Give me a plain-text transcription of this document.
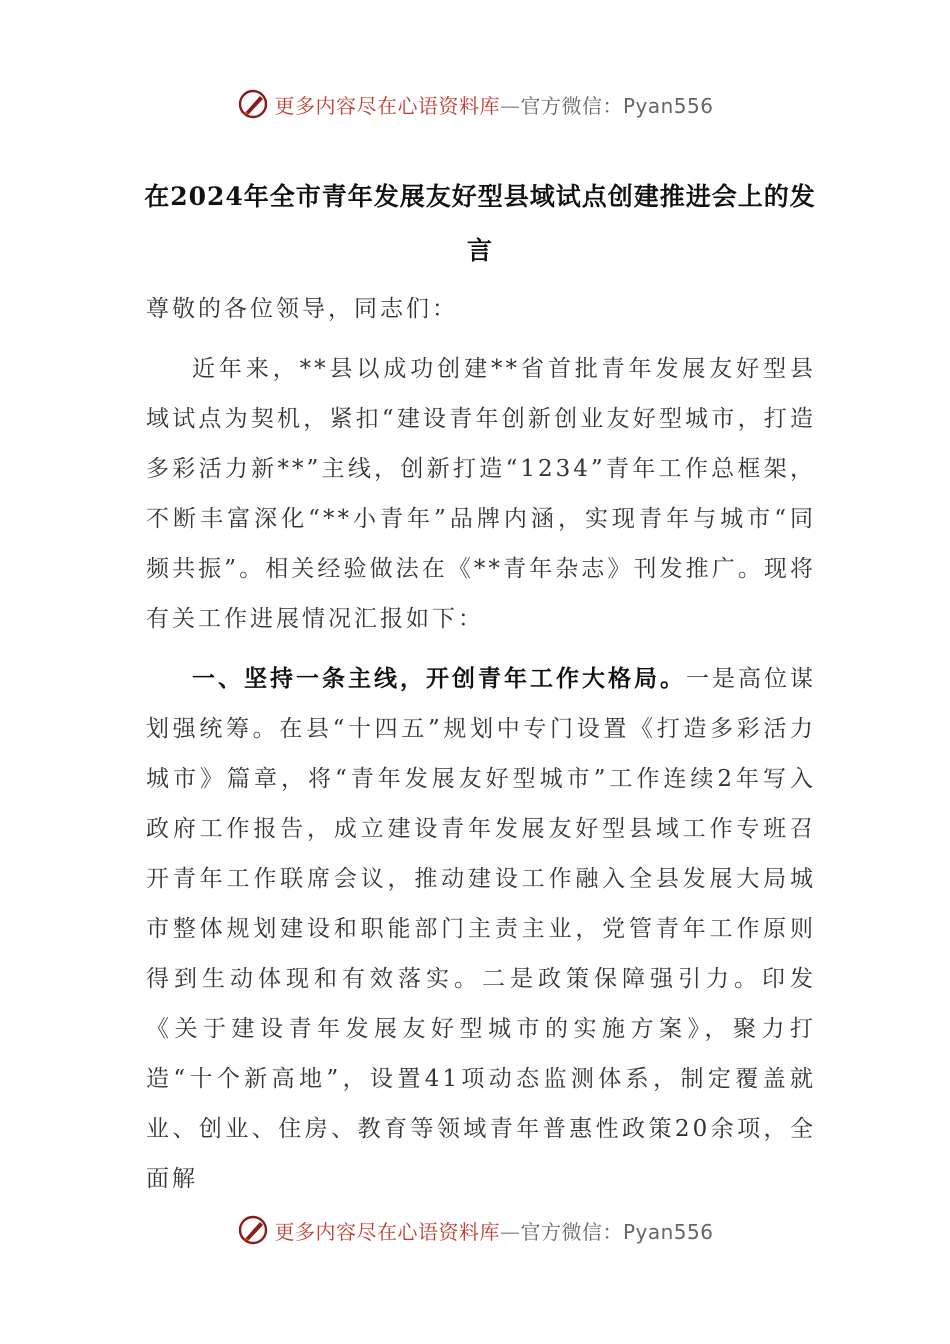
更多内容尽在心语资料库—官方微信：Pyan556
在2024年全市青年发展友好型县域试点创建推进会上的发言

尊敬的各位领导，同志们：

近年来，**县以成功创建**省首批青年发展友好型县域试点为契机，紧扣“建设青年创新创业友好型城市，打造多彩活力新**”主线，创新打造“1234”青年工作总框架，不断丰富深化“**小青年”品牌内涵，实现青年与城市“同频共振”。相关经验做法在《**青年杂志》刊发推广。现将有关工作进展情况汇报如下：

一、坚持一条主线，开创青年工作大格局。一是高位谋划强统筹。在县“十四五”规划中专门设置《打造多彩活力城市》篇章，将“青年发展友好型城市”工作连续2年写入政府工作报告，成立建设青年发展友好型县域工作专班召开青年工作联席会议，推动建设工作融入全县发展大局城市整体规划建设和职能部门主责主业，党管青年工作原则得到生动体现和有效落实。二是政策保障强引力。印发《关于建设青年发展友好型城市的实施方案》，聚力打造“十个新高地”，设置41项动态监测体系，制定覆盖就业、创业、住房、教育等领域青年普惠性政策20余项，全面解

更多内容尽在心语资料库—官方微信：Pyan556
